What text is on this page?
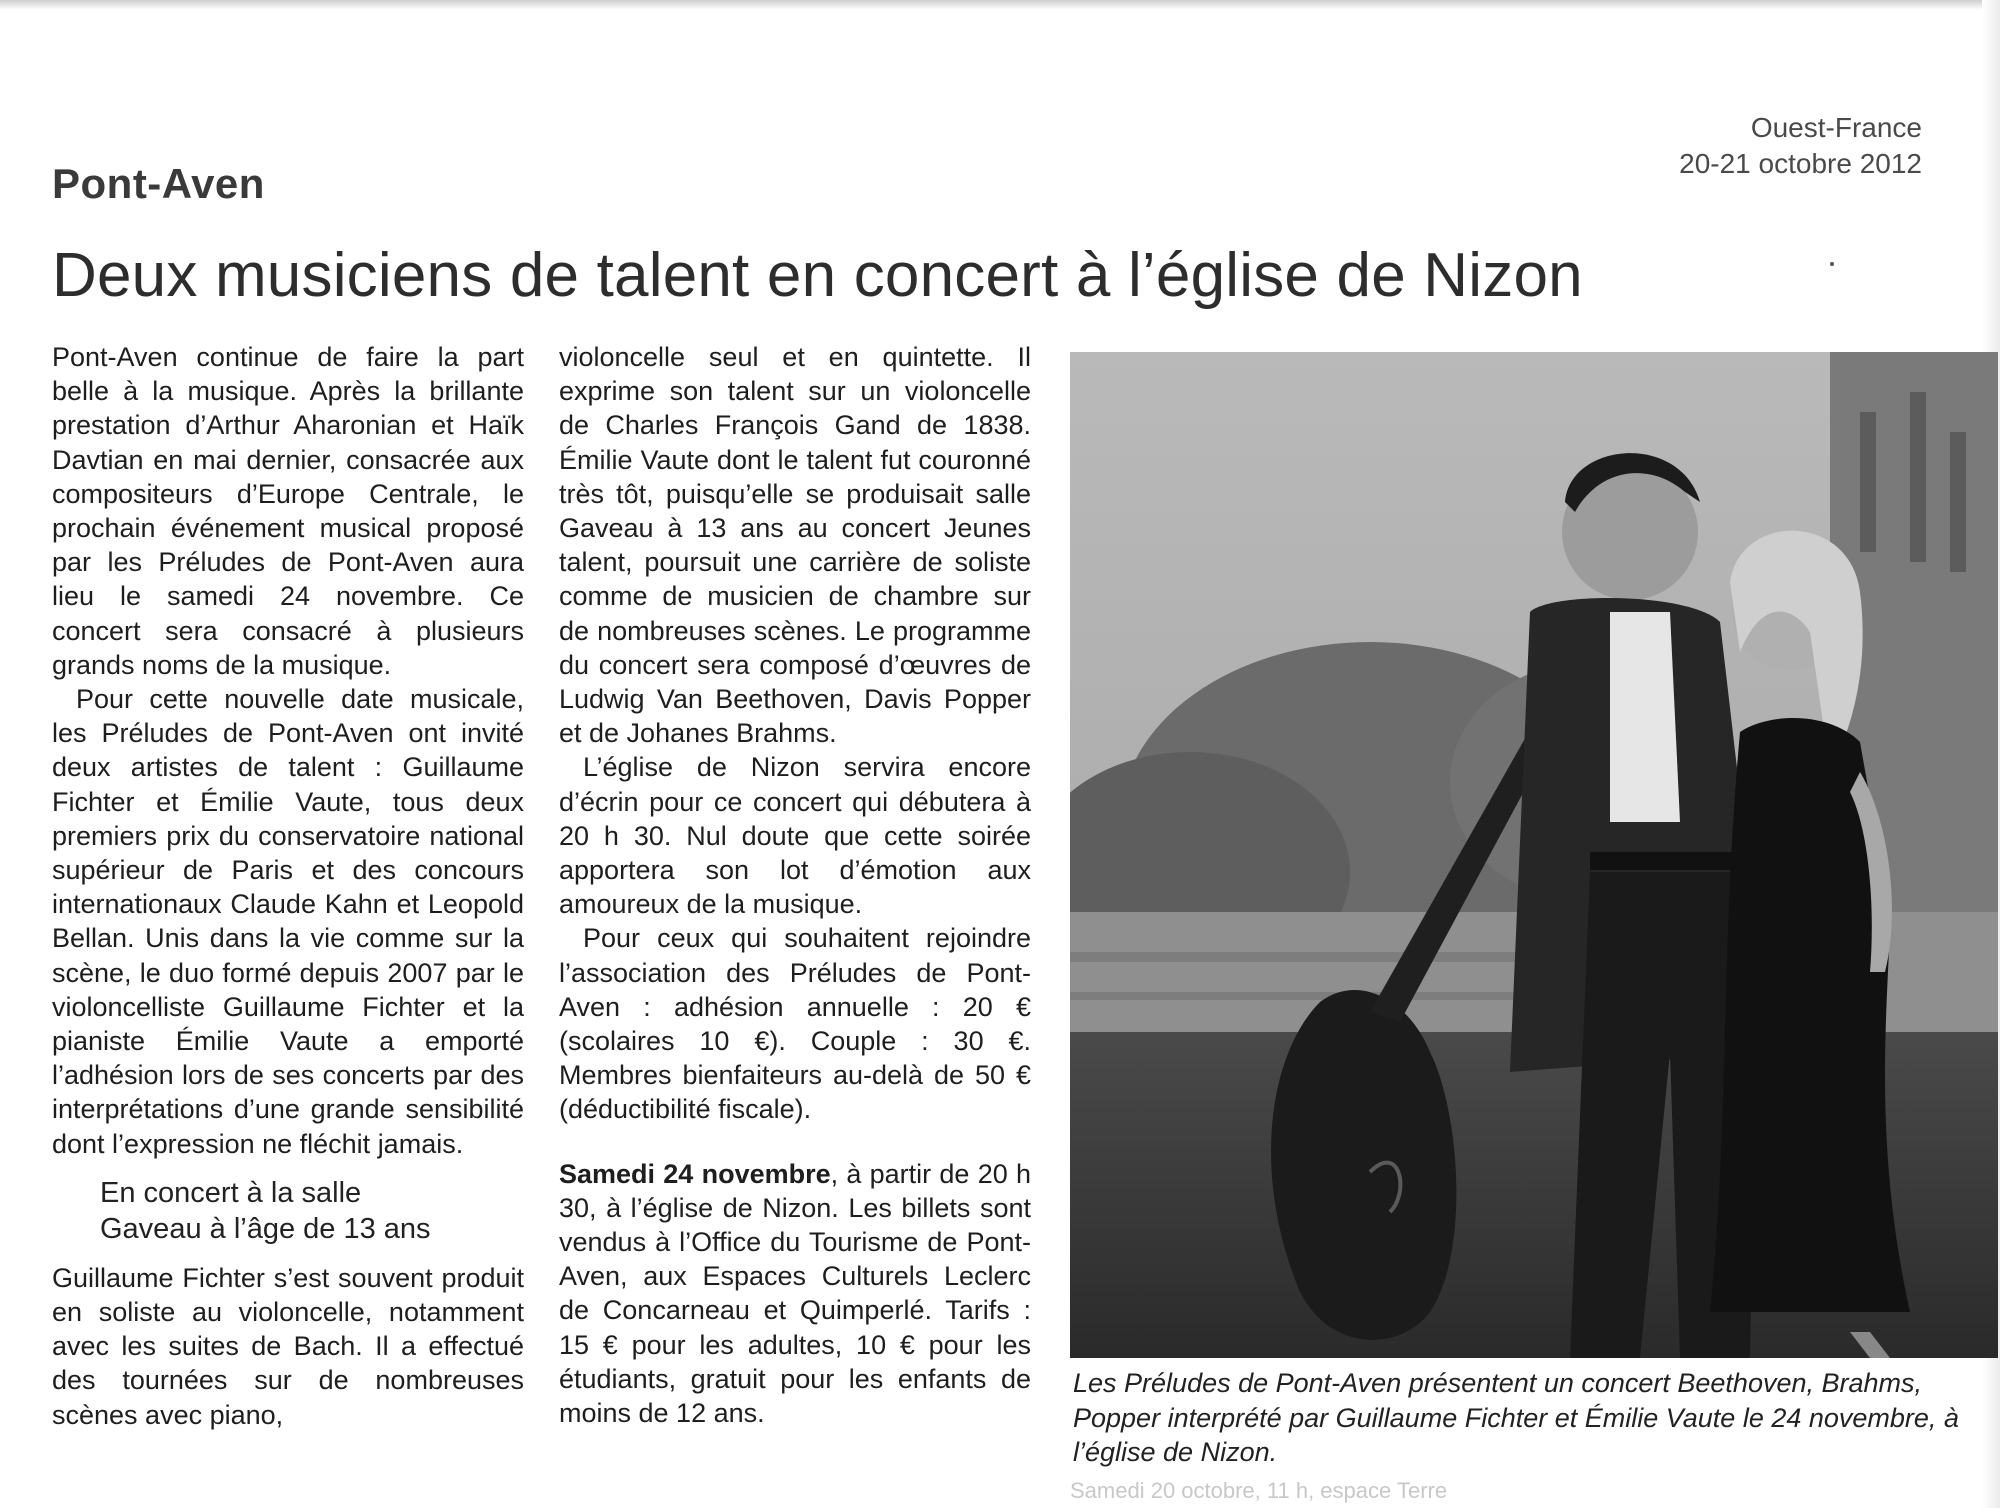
Ouest-France
20-21 octobre 2012
Pont-Aven
Deux musiciens de talent en concert à l’église de Nizon

Pont-Aven continue de faire la part belle à la musique. Après la brillante prestation d’Arthur Aharonian et Haïk Davtian en mai dernier, consacrée aux compositeurs d’Europe Centrale, le prochain événement musical proposé par les Préludes de Pont-Aven aura lieu le samedi 24 novembre. Ce concert sera consacré à plusieurs grands noms de la musique.

Pour cette nouvelle date musicale, les Préludes de Pont-Aven ont invité deux artistes de talent : Guillaume Fichter et Émilie Vaute, tous deux premiers prix du conservatoire national supérieur de Paris et des concours internationaux Claude Kahn et Leopold Bellan. Unis dans la vie comme sur la scène, le duo formé depuis 2007 par le violoncelliste Guillaume Fichter et la pianiste Émilie Vaute a emporté l’adhésion lors de ses concerts par des interprétations d’une grande sensibilité dont l’expression ne fléchit jamais.

En concert à la salle
Gaveau à l’âge de 13 ans

Guillaume Fichter s’est souvent produit en soliste au violoncelle, notamment avec les suites de Bach. Il a effectué des tournées sur de nombreuses scènes avec piano,

violoncelle seul et en quintette. Il exprime son talent sur un violoncelle de Charles François Gand de 1838. Émilie Vaute dont le talent fut couronné très tôt, puisqu’elle se produisait salle Gaveau à 13 ans au concert Jeunes talent, poursuit une carrière de soliste comme de musicien de chambre sur de nombreuses scènes. Le programme du concert sera composé d’œuvres de Ludwig Van Beethoven, Davis Popper et de Johanes Brahms.

L’église de Nizon servira encore d’écrin pour ce concert qui débutera à 20 h 30. Nul doute que cette soirée apportera son lot d’émotion aux amoureux de la musique.

Pour ceux qui souhaitent rejoindre l’association des Préludes de Pont-Aven : adhésion annuelle : 20 € (scolaires 10 €). Couple : 30 €. Membres bienfaiteurs au-delà de 50 € (déductibilité fiscale).

Samedi 24 novembre, à partir de 20 h 30, à l’église de Nizon. Les billets sont vendus à l’Office du Tourisme de Pont-Aven, aux Espaces Culturels Leclerc de Concarneau et Quimperlé. Tarifs : 15 € pour les adultes, 10 € pour les étudiants, gratuit pour les enfants de moins de 12 ans.

Les Préludes de Pont-Aven présentent un concert Beethoven, Brahms, Popper interprété par Guillaume Fichter et Émilie Vaute le 24 novembre, à l’église de Nizon.
Samedi 20 octobre, 11 h, espace Terre
